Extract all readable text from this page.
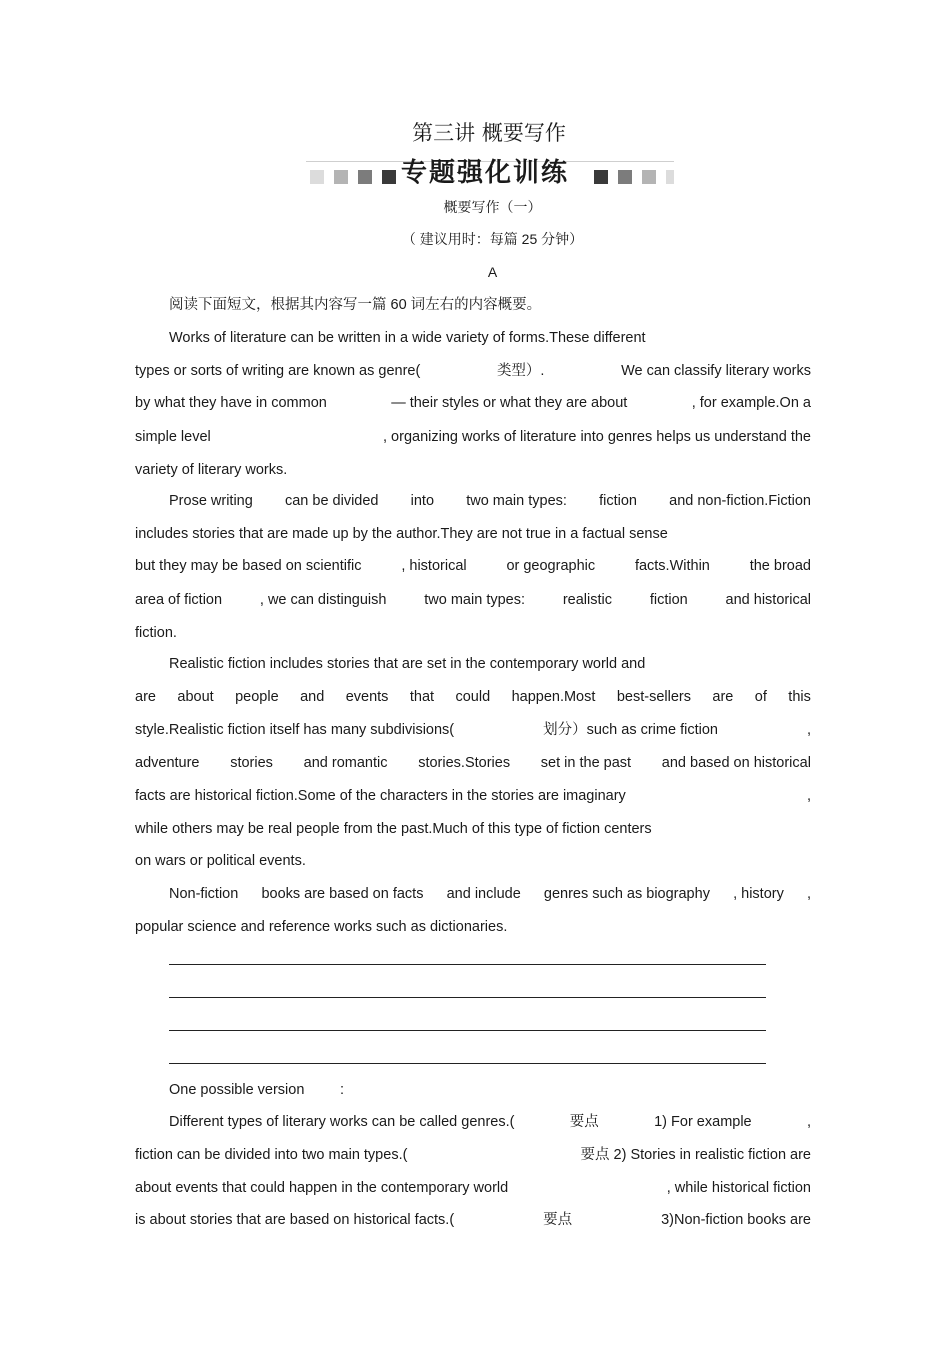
第三讲 概要写作
专题强化训练
概要写作（一）
（ 建议用时：每篇 25 分钟）
A
阅读下面短文，根据其内容写一篇 60 词左右的内容概要。
Works of literature can be written in a wide variety of forms.These different
types or sorts of writing are known as genre(	类型）.	We can classify literary works
by what they have in common	— their styles or what they are about	, for example.On a
simple level	, organizing works of literature into genres helps us understand the
variety of literary works.
Prose writing can be divided into two main types: fiction and non-fiction.Fiction
includes stories that are made up by the author.They are not true in a factual sense
but they may be based on scientific	, historical	or geographic	facts.Within	the broad
area of fiction	, we can distinguish	two main types:	realistic	fiction	and historical
fiction.
Realistic fiction includes stories that are set in the contemporary world and
are about people and events that could happen.Most best-sellers are of this
style.Realistic fiction itself has many subdivisions(	划分）such as crime fiction	,
adventure stories and romantic stories.Stories set in the past and based on historical
facts are historical fiction.Some of the characters in the stories are imaginary	,
while others may be real people from the past.Much of this type of fiction centers
on wars or political events.
Non-fiction books are based on facts and include genres such as biography , history ,
popular science and reference works such as dictionaries.
One possible version :
Different types of literary works can be called genres.(	要点	1) For example	,
fiction can be divided into two main types.(	要点 2) Stories in realistic fiction are
about events that could happen in the contemporary world	, while historical fiction
is about stories that are based on historical facts.(	要点	3)Non-fiction books are
